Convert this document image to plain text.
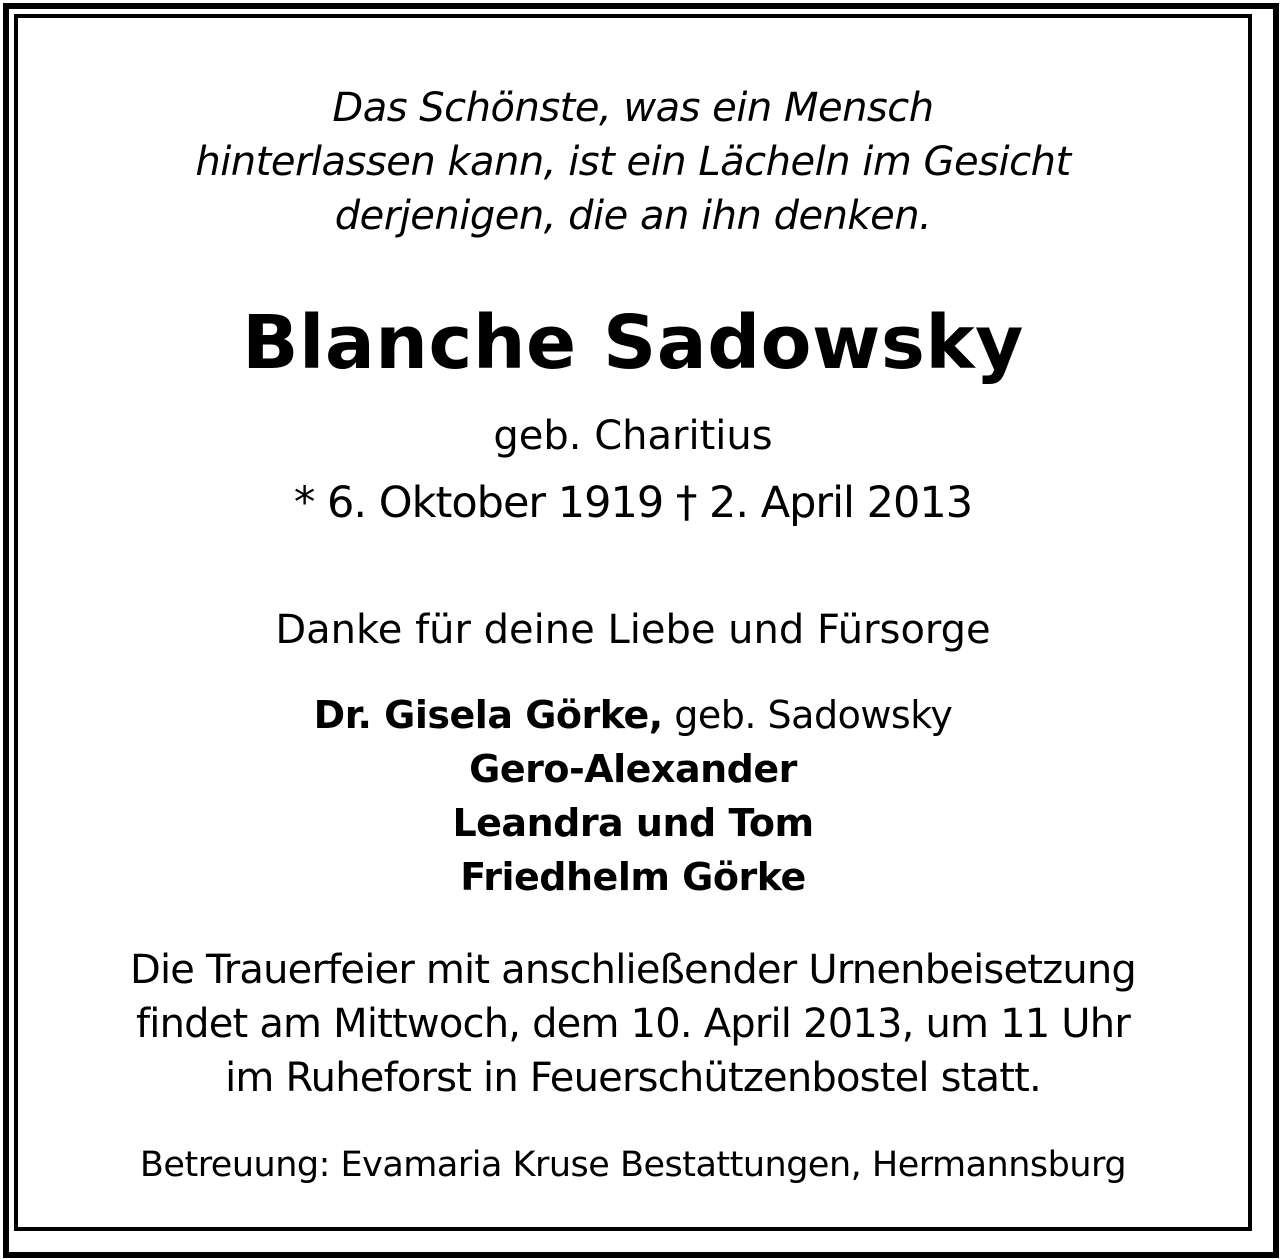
Das Schönste, was ein Mensch
hinterlassen kann, ist ein Lächeln im Gesicht
derjenigen, die an ihn denken.
Blanche Sadowsky
geb. Charitius
* 6. Oktober 1919 † 2. April 2013
Danke für deine Liebe und Fürsorge
Dr. Gisela Görke, geb. Sadowsky
Gero-Alexander
Leandra und Tom
Friedhelm Görke
Die Trauerfeier mit anschließender Urnenbeisetzung
findet am Mittwoch, dem 10. April 2013, um 11 Uhr
im Ruheforst in Feuerschützenbostel statt.
Betreuung: Evamaria Kruse Bestattungen, Hermannsburg
